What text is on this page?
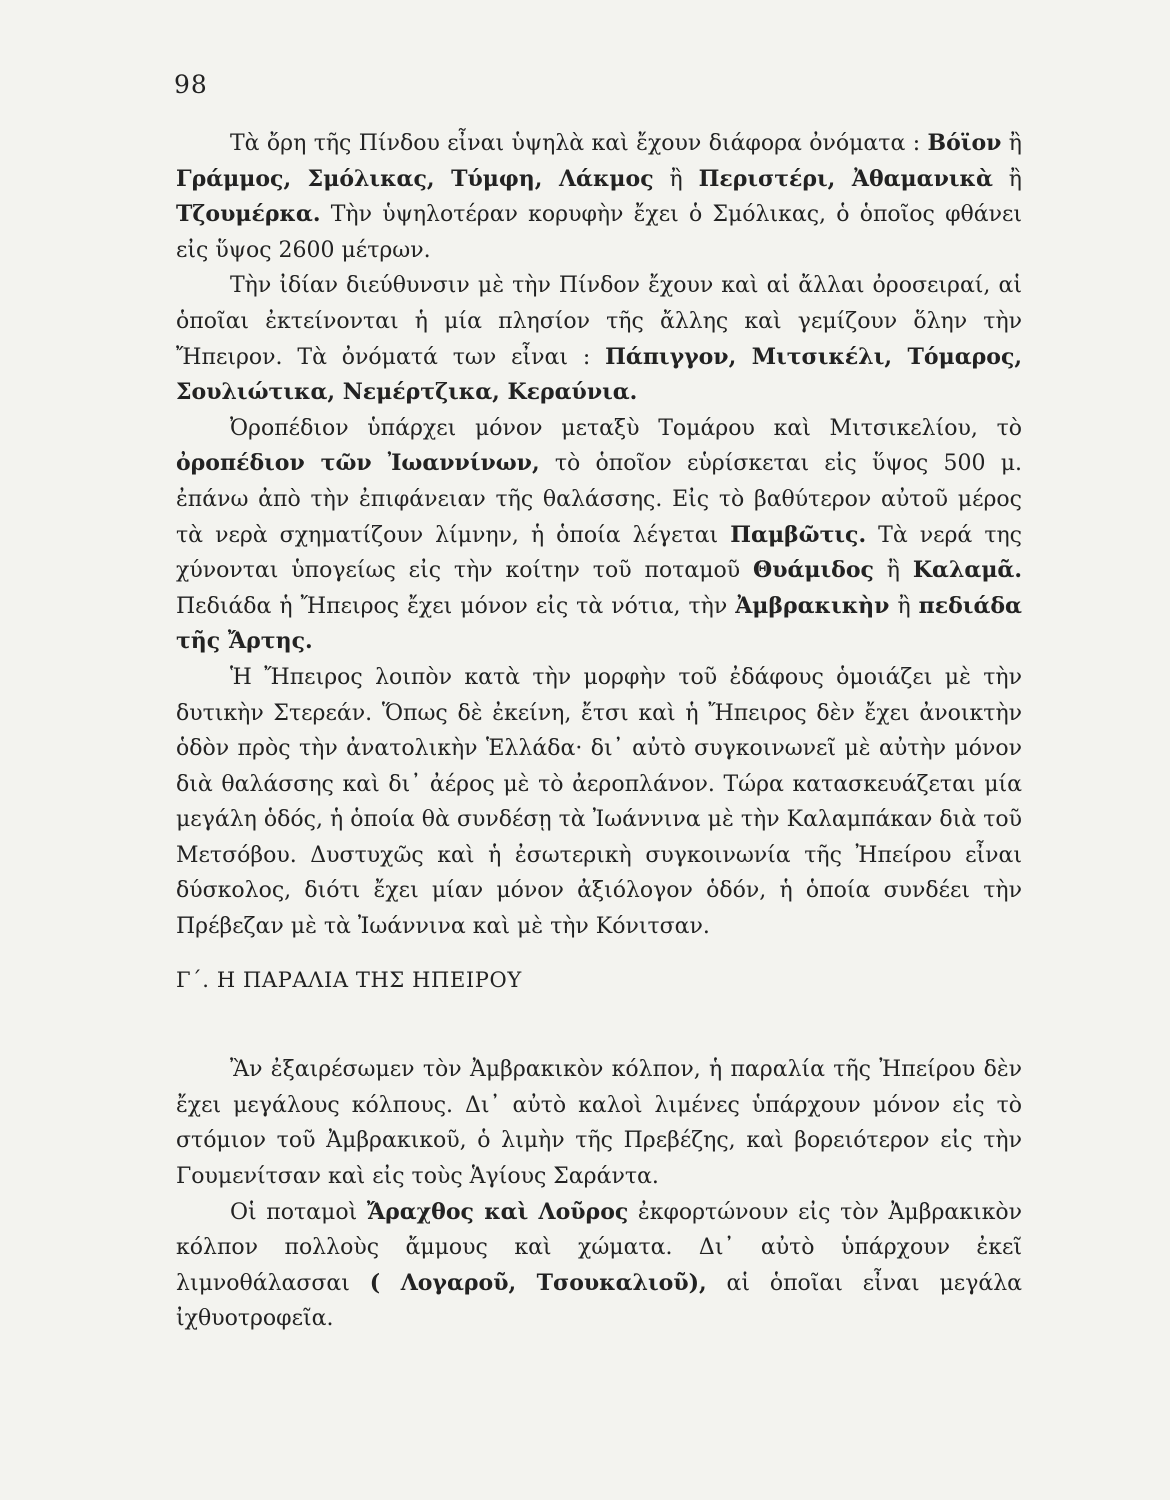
98

Τὰ ὄρη τῆς Πίνδου εἶναι ὑψηλὰ καὶ ἔχουν διάφορα ὀνόματα : Βόϊον ἢ Γράμμος, Σμόλικας, Τύμφη, Λάκμος ἢ Περιστέρι, Ἀθαμανικὰ ἢ Τζουμέρκα. Τὴν ὑψηλοτέραν κορυφὴν ἔχει ὁ Σμόλικας, ὁ ὁποῖος φθάνει εἰς ὕψος 2600 μέτρων.

Τὴν ἰδίαν διεύθυνσιν μὲ τὴν Πίνδον ἔχουν καὶ αἱ ἄλλαι ὀροσειραί, αἱ ὁποῖαι ἐκτείνονται ἡ μία πλησίον τῆς ἄλλης καὶ γεμίζουν ὅλην τὴν Ἤπειρον. Τὰ ὀνόματά των εἶναι : Πάπιγγον, Μιτσικέλι, Τόμαρος, Σουλιώτικα, Νεμέρτζικα, Κεραύνια.

Ὀροπέδιον ὑπάρχει μόνον μεταξὺ Τομάρου καὶ Μιτσικελίου, τὸ ὀροπέδιον τῶν Ἰωαννίνων, τὸ ὁποῖον εὑρίσκεται εἰς ὕψος 500 μ. ἐπάνω ἀπὸ τὴν ἐπιφάνειαν τῆς θαλάσσης. Εἰς τὸ βαθύτερον αὐτοῦ μέρος τὰ νερὰ σχηματίζουν λίμνην, ἡ ὁποία λέγεται Παμβῶτις. Τὰ νερά της χύνονται ὑπογείως εἰς τὴν κοίτην τοῦ ποταμοῦ Θυάμιδος ἢ Καλαμᾶ. Πεδιάδα ἡ Ἤπειρος ἔχει μόνον εἰς τὰ νότια, τὴν Ἀμβρακικὴν ἢ πεδιάδα τῆς Ἄρτης.

Ἡ Ἤπειρος λοιπὸν κατὰ τὴν μορφὴν τοῦ ἐδάφους ὁμοιάζει μὲ τὴν δυτικὴν Στερεάν. Ὅπως δὲ ἐκείνη, ἔτσι καὶ ἡ Ἤπειρος δὲν ἔχει ἀνοικτὴν ὁδὸν πρὸς τὴν ἀνατολικὴν Ἑλλάδα· δι᾽ αὐτὸ συγκοινωνεῖ μὲ αὐτὴν μόνον διὰ θαλάσσης καὶ δι᾽ ἀέρος μὲ τὸ ἀεροπλάνον. Τώρα κατασκευάζεται μία μεγάλη ὁδός, ἡ ὁποία θὰ συνδέσῃ τὰ Ἰωάννινα μὲ τὴν Καλαμπάκαν διὰ τοῦ Μετσόβου. Δυστυχῶς καὶ ἡ ἐσωτερικὴ συγκοινωνία τῆς Ἠπείρου εἶναι δύσκολος, διότι ἔχει μίαν μόνον ἀξιόλογον ὁδόν, ἡ ὁποία συνδέει τὴν Πρέβεζαν μὲ τὰ Ἰωάννινα καὶ μὲ τὴν Κόνιτσαν.

Γ΄. Η ΠΑΡΑΛΙΑ ΤΗΣ ΗΠΕΙΡΟΥ

Ἂν ἐξαιρέσωμεν τὸν Ἀμβρακικὸν κόλπον, ἡ παραλία τῆς Ἠπείρου δὲν ἔχει μεγάλους κόλπους. Δι᾽ αὐτὸ καλοὶ λιμένες ὑπάρχουν μόνον εἰς τὸ στόμιον τοῦ Ἀμβρακικοῦ, ὁ λιμὴν τῆς Πρεβέζης, καὶ βορειότερον εἰς τὴν Γουμενίτσαν καὶ εἰς τοὺς Ἁγίους Σαράντα.

Οἱ ποταμοὶ Ἄραχθος καὶ Λοῦρος ἐκφορτώνουν εἰς τὸν Ἀμβρακικὸν κόλπον πολλοὺς ἄμμους καὶ χώματα. Δι᾽ αὐτὸ ὑπάρχουν ἐκεῖ λιμνοθάλασσαι ( Λογαροῦ, Τσουκαλιοῦ), αἱ ὁποῖαι εἶναι μεγάλα ἰχθυοτροφεῖα.
